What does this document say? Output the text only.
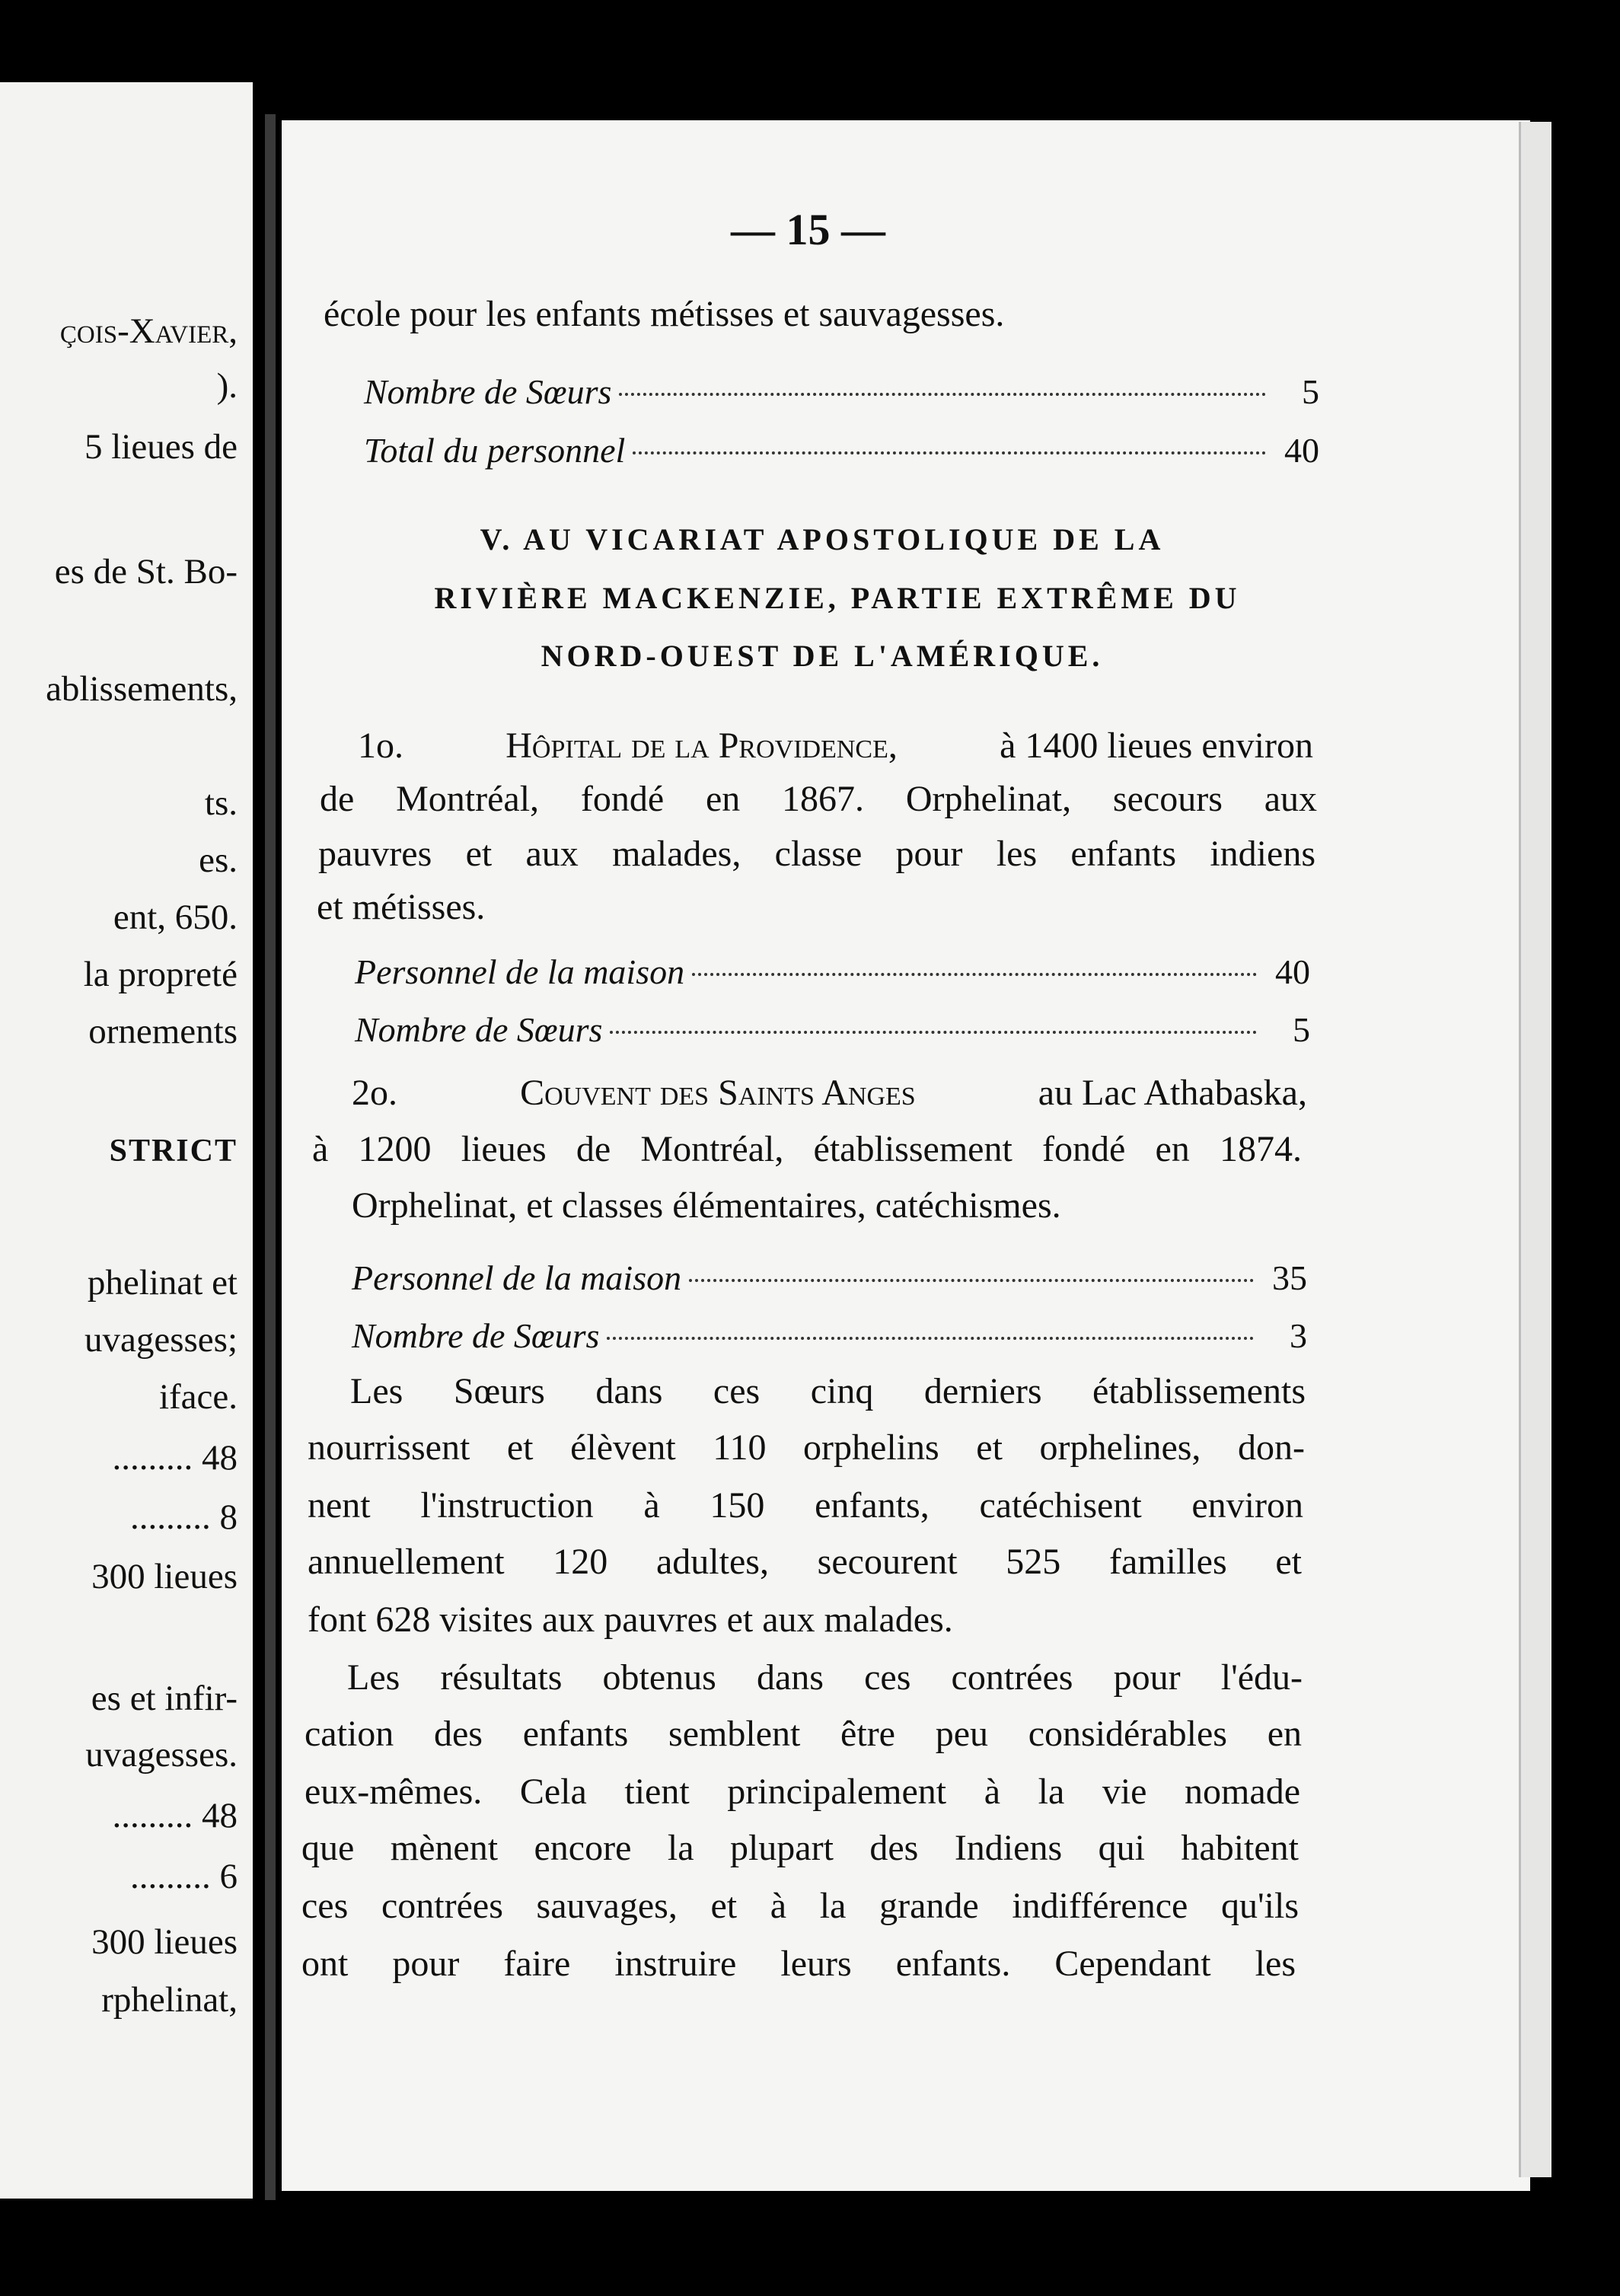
çois-Xavier,
).
5 lieues de
es de St. Bo-
ablissements,
ts.
es.
ent, 650.
la propreté
ornements
STRICT
phelinat et
uvagesses;
iface.
......... 48
......... 8
300 lieues
es et infir-
uvagesses.
......... 48
......... 6
300 lieues
rphelinat,
— 15 —
école pour les enfants métisses et sauvagesses.
Nombre de Sœurs	5
Total du personnel	40
V. AU VICARIAT APOSTOLIQUE DE LA
RIVIÈRE MACKENZIE, PARTIE EXTRÊME DU
NORD-OUEST DE L'AMÉRIQUE.
1o.	Hôpital de la Providence,	à 1400 lieues environ
de Montréal, fondé en 1867. Orphelinat, secours aux
pauvres et aux malades, classe pour les enfants indiens
et métisses.
Personnel de la maison	40
Nombre de Sœurs	5
2o.	Couvent des Saints Anges	au Lac Athabaska,
à 1200 lieues de Montréal, établissement fondé en 1874.
Orphelinat, et classes élémentaires, catéchismes.
Personnel de la maison	35
Nombre de Sœurs	3
Les Sœurs dans ces cinq derniers établissements
nourrissent et élèvent 110 orphelins et orphelines, don-
nent l'instruction à 150 enfants, catéchisent environ
annuellement 120 adultes, secourent 525 familles et
font 628 visites aux pauvres et aux malades.
Les résultats obtenus dans ces contrées pour l'édu-
cation des enfants semblent être peu considérables en
eux-mêmes. Cela tient principalement à la vie nomade
que mènent encore la plupart des Indiens qui habitent
ces contrées sauvages, et à la grande indifférence qu'ils
ont pour faire instruire leurs enfants. Cependant les
